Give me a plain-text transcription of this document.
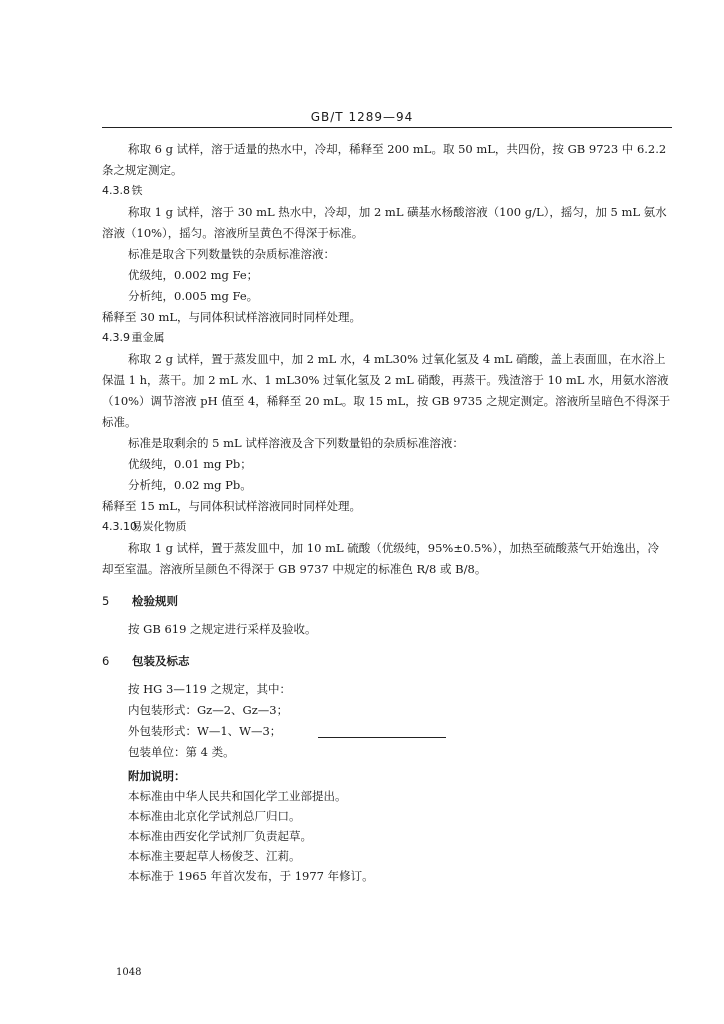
GB/T 1289—94

称取 6 g 试样，溶于适量的热水中，冷却，稀释至 200 mL。取 50 mL，共四份，按 GB 9723 中 6.2.2

条之规定测定。

4.3.8 铁

称取 1 g 试样，溶于 30 mL 热水中，冷却，加 2 mL 磺基水杨酸溶液（100 g/L），摇匀，加 5 mL 氨水

溶液（10%），摇匀。溶液所呈黄色不得深于标准。

标准是取含下列数量铁的杂质标准溶液：

优级纯，0.002 mg Fe；

分析纯，0.005 mg Fe。

稀释至 30 mL，与同体积试样溶液同时同样处理。

4.3.9 重金属

称取 2 g 试样，置于蒸发皿中，加 2 mL 水，4 mL30% 过氧化氢及 4 mL 硝酸，盖上表面皿，在水浴上

保温 1 h，蒸干。加 2 mL 水、1 mL30% 过氧化氢及 2 mL 硝酸，再蒸干。残渣溶于 10 mL 水，用氨水溶液

（10%）调节溶液 pH 值至 4，稀释至 20 mL。取 15 mL，按 GB 9735 之规定测定。溶液所呈暗色不得深于

标准。

标准是取剩余的 5 mL 试样溶液及含下列数量铅的杂质标准溶液：

优级纯，0.01 mg Pb；

分析纯，0.02 mg Pb。

稀释至 15 mL，与同体积试样溶液同时同样处理。

4.3.10 易炭化物质

称取 1 g 试样，置于蒸发皿中，加 10 mL 硫酸（优级纯，95%±0.5%），加热至硫酸蒸气开始逸出，冷

却至室温。溶液所呈颜色不得深于 GB 9737 中规定的标准色 R/8 或 B/8。

5 检验规则

按 GB 619 之规定进行采样及验收。

6 包装及标志

按 HG 3—119 之规定，其中：

内包装形式：Gz—2、Gz—3；

外包装形式：W—1、W—3；

包装单位：第 4 类。

附加说明：

本标准由中华人民共和国化学工业部提出。

本标准由北京化学试剂总厂归口。

本标准由西安化学试剂厂负责起草。

本标准主要起草人杨俊芝、江莉。

本标准于 1965 年首次发布，于 1977 年修订。

1048
